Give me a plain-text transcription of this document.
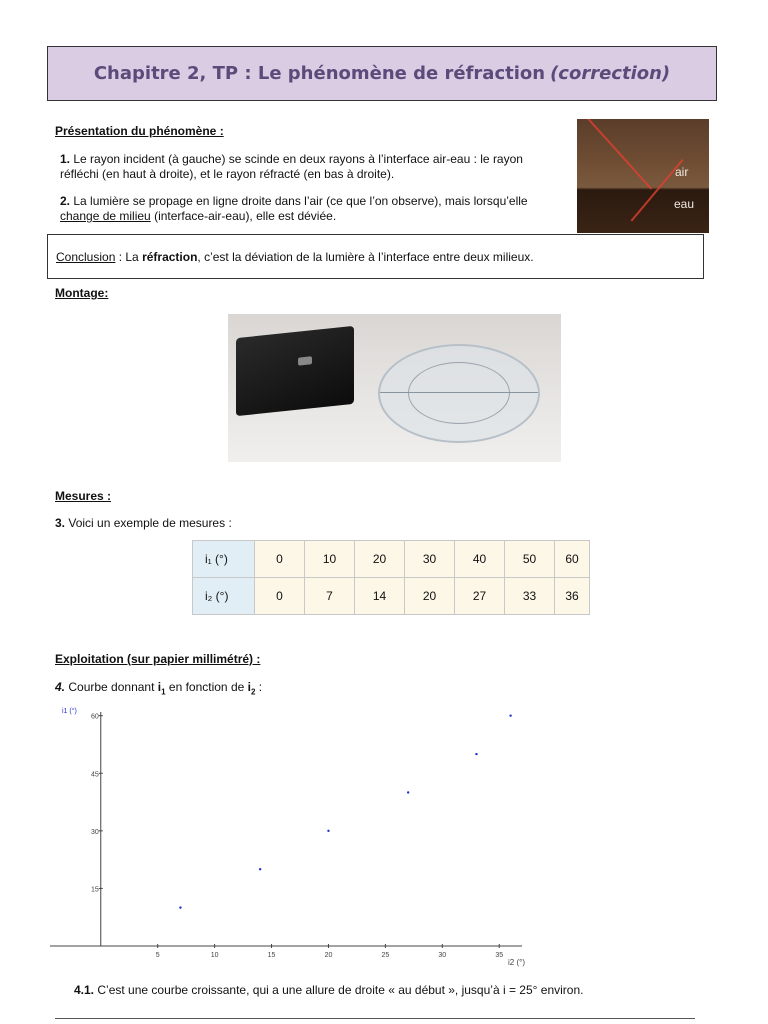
Chapitre 2, TP : Le phénomène de réfraction (correction)
Présentation du phénomène :
1. Le rayon incident (à gauche) se scinde en deux rayons à l’interface air-eau : le rayon
réfléchi (en haut à droite), et le rayon réfracté (en bas à droite).
2. La lumière se propage en ligne droite dans l’air (ce que l’on observe), mais lorsqu’elle
change de milieu (interface-air-eau), elle est déviée.
air
eau
Conclusion : La réfraction , c’est la déviation de la lumière à l’interface entre deux milieux.
Montage:
Mesures :
3. Voici un exemple de mesures :
i₁ (°)	0	10	20	30	40	50	60
i₂ (°)	0	7	14	20	27	33	36
Exploitation (sur papier millimétré) :
4. Courbe donnant $i_1$ en fonction de $i_2$ :
i1 (°)
i2 (°)
5	10	15	20	25	30	35
15
30
45
60
4.1. C’est une courbe croissante, qui a une allure de droite « au début », jusqu’à i = 25° environ.
